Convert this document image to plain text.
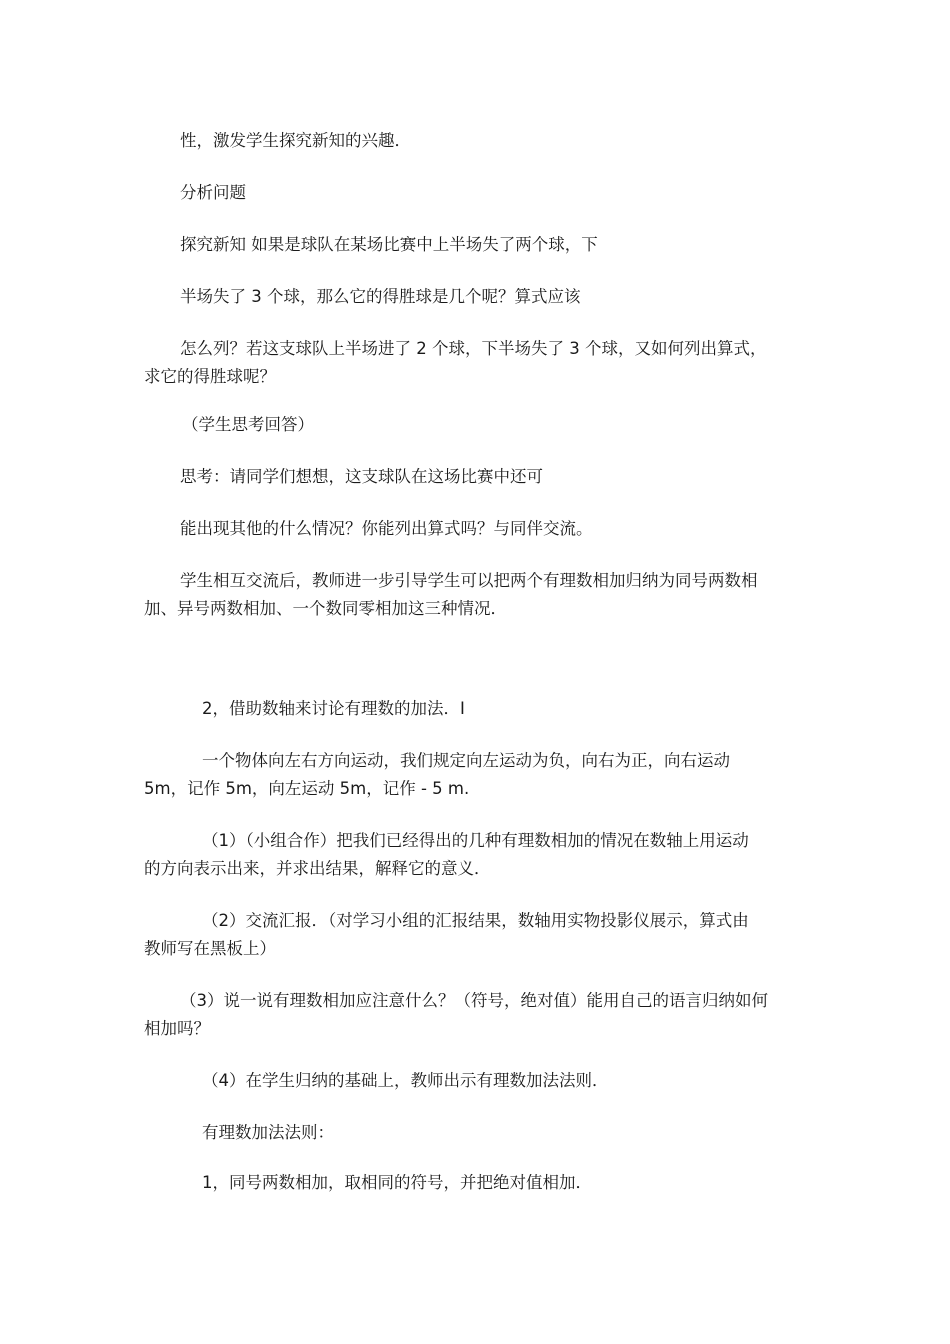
性，激发学生探究新知的兴趣．

分析问题

探究新知 如果是球队在某场比赛中上半场失了两个球，下

半场失了 3 个球，那么它的得胜球是几个呢？算式应该

怎么列？若这支球队上半场进了 2 个球，下半场失了 3 个球，又如何列出算式，

求它的得胜球呢？

（学生思考回答）

思考：请同学们想想，这支球队在这场比赛中还可

能出现其他的什么情况？你能列出算式吗？与同伴交流。

学生相互交流后，教师进一步引导学生可以把两个有理数相加归纳为同号两数相

加、异号两数相加、一个数同零相加这三种情况．

2，借助数轴来讨论有理数的加法．I

一个物体向左右方向运动，我们规定向左运动为负，向右为正，向右运动

5m，记作 5m，向左运动 5m，记作 - 5 m.

（1）（小组合作）把我们已经得出的几种有理数相加的情况在数轴上用运动

的方向表示出来，并求出结果，解释它的意义．

（2）交流汇报．（对学习小组的汇报结果，数轴用实物投影仪展示，算式由

教师写在黑板上）

（3）说一说有理数相加应注意什么？（符号，绝对值）能用自己的语言归纳如何

相加吗？

（4）在学生归纳的基础上，教师出示有理数加法法则．

有理数加法法则：

1，同号两数相加，取相同的符号，并把绝对值相加．
